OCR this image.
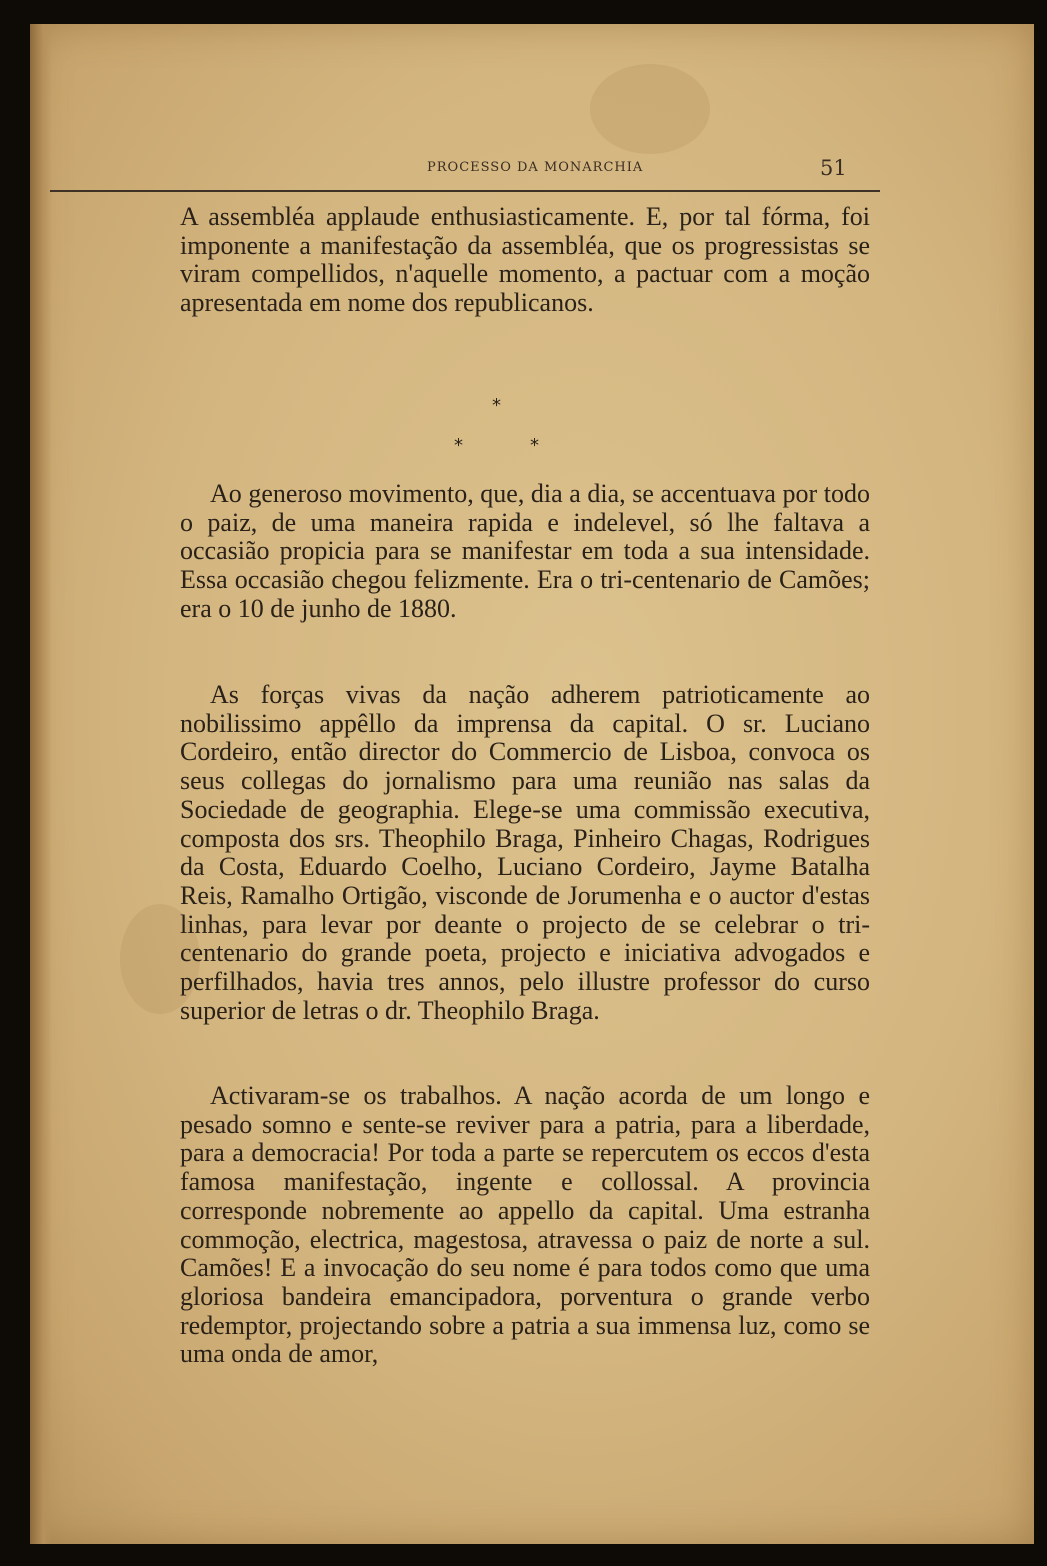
PROCESSO DA MONARCHIA	51
A assembléa applaude enthusiasticamente. E, por tal fórma, foi imponente a manifestação da assembléa, que os progressistas se viram compellidos, n'aquelle momento, a pactuar com a moção apresentada em nome dos republicanos.
*
*	*
Ao generoso movimento, que, dia a dia, se accentuava por todo o paiz, de uma maneira rapida e indelevel, só lhe faltava a occasião propicia para se manifestar em toda a sua intensidade. Essa occasião chegou felizmente. Era o tri-centenario de Camões; era o 10 de junho de 1880.
As forças vivas da nação adherem patrioticamente ao nobilissimo appêllo da imprensa da capital. O sr. Luciano Cordeiro, então director do Commercio de Lisboa, convoca os seus collegas do jornalismo para uma reunião nas salas da Sociedade de geographia. Elege-se uma commissão executiva, composta dos srs. Theophilo Braga, Pinheiro Chagas, Rodrigues da Costa, Eduardo Coelho, Luciano Cordeiro, Jayme Batalha Reis, Ramalho Ortigão, visconde de Jorumenha e o auctor d'estas linhas, para levar por deante o projecto de se celebrar o tri-centenario do grande poeta, projecto e iniciativa advogados e perfilhados, havia tres annos, pelo illustre professor do curso superior de letras o dr. Theophilo Braga.
Activaram-se os trabalhos. A nação acorda de um longo e pesado somno e sente-se reviver para a patria, para a liberdade, para a democracia! Por toda a parte se repercutem os eccos d'esta famosa manifestação, ingente e collossal. A provincia corresponde nobremente ao appello da capital. Uma estranha commoção, electrica, magestosa, atravessa o paiz de norte a sul. Camões! E a invocação do seu nome é para todos como que uma gloriosa bandeira emancipadora, porventura o grande verbo redemptor, projectando sobre a patria a sua immensa luz, como se uma onda de amor,
